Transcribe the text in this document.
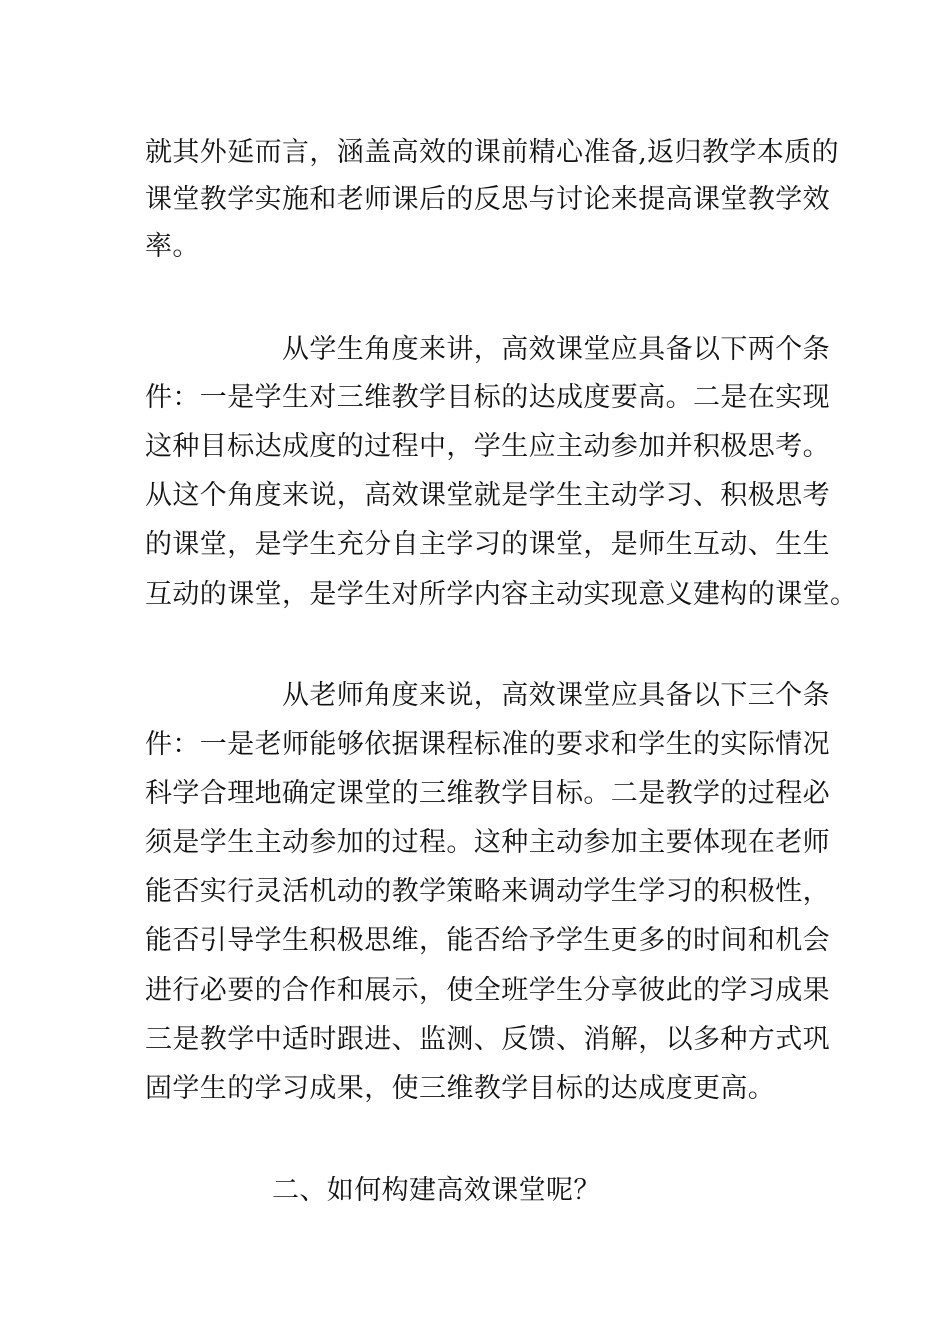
就其外延而言，涵盖高效的课前精心准备,返归教学本质的
课堂教学实施和老师课后的反思与讨论来提高课堂教学效
率。
从学生角度来讲，高效课堂应具备以下两个条
件：一是学生对三维教学目标的达成度要高。二是在实现
这种目标达成度的过程中，学生应主动参加并积极思考。
从这个角度来说，高效课堂就是学生主动学习、积极思考
的课堂，是学生充分自主学习的课堂，是师生互动、生生
互动的课堂，是学生对所学内容主动实现意义建构的课堂。
从老师角度来说，高效课堂应具备以下三个条
件：一是老师能够依据课程标准的要求和学生的实际情况
科学合理地确定课堂的三维教学目标。二是教学的过程必
须是学生主动参加的过程。这种主动参加主要体现在老师
能否实行灵活机动的教学策略来调动学生学习的积极性，
能否引导学生积极思维，能否给予学生更多的时间和机会
进行必要的合作和展示，使全班学生分享彼此的学习成果
三是教学中适时跟进、监测、反馈、消解，以多种方式巩
固学生的学习成果，使三维教学目标的达成度更高。
二、如何构建高效课堂呢？
